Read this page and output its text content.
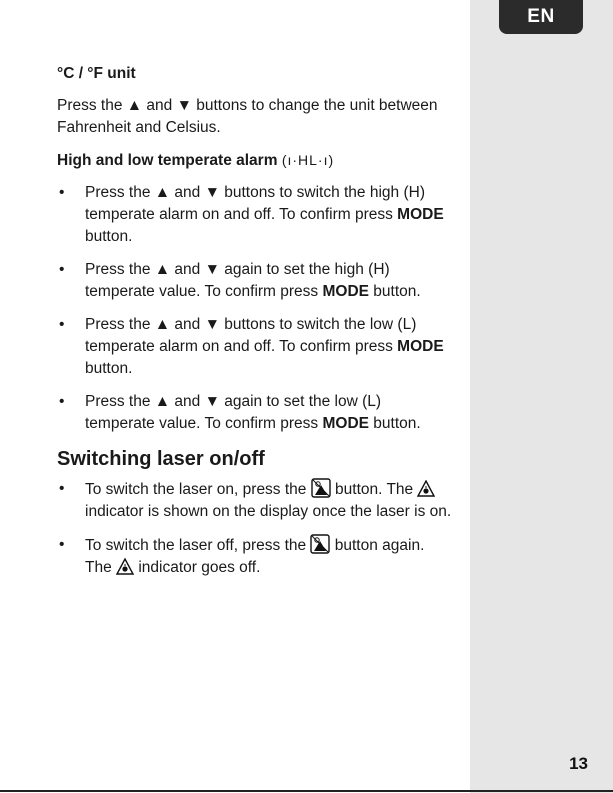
EN
°C / °F unit

Press the ▲ and ▼ buttons to change the unit between Fahrenheit and Celsius.

High and low temperate alarm (ı·HL·ı)
• Press the ▲ and ▼ buttons to switch the high (H) temperate alarm on and off. To confirm press MODE button.
• Press the ▲ and ▼ again to set the high (H) temperate value. To confirm press MODE button.
• Press the ▲ and ▼ buttons to switch the low (L) temperate alarm on and off. To confirm press MODE button.
• Press the ▲ and ▼ again to set the low (L) temperate value. To confirm press MODE button.
Switching laser on/off
• To switch the laser on, press the  button. The  indicator is shown on the display once the laser is on.
• To switch the laser off, press the  button again. The  indicator goes off.
13
